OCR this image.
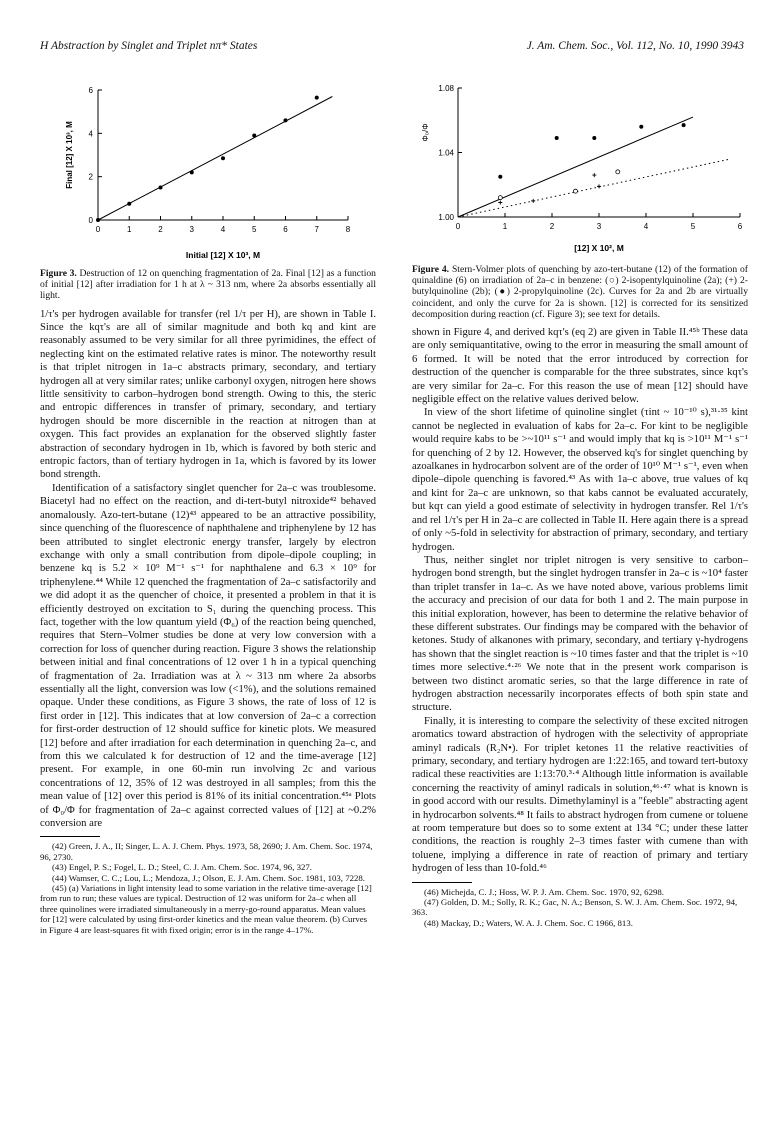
H Abstraction by Singlet and Triplet nπ* States	J. Am. Chem. Soc., Vol. 112, No. 10, 1990 3943
0	1	2	3	4	5	6	7	8
0
2
4
6
Initial [12] X 10³, M
Final [12] X 10³, M
0	1	2	3	4	5	6
1.00
1.04
1.08
[12] X 10², M
Φ₀/Φ

Figure 3. Destruction of 12 on quenching fragmentation of 2a. Final [12] as a function of initial [12] after irradiation for 1 h at λ ~ 313 nm, where 2a absorbs essentially all light.

1/τ's per hydrogen available for transfer (rel 1/τ per H), are shown in Table I. Since the kqτ's are all of similar magnitude and both kq and kint are reasonably assumed to be very similar for all three pyrimidines, the effect of neglecting kint on the estimated relative rates is minor. The noteworthy result is that triplet nitrogen in 1a–c abstracts primary, secondary, and tertiary hydrogen all at very similar rates; unlike carbonyl oxygen, nitrogen here shows little sensitivity to carbon–hydrogen bond strength. Owing to this, the steric and entropic differences in transfer of primary, secondary, and tertiary hydrogen should be more discernible in the reaction at nitrogen than at oxygen. This fact provides an explanation for the observed slightly faster abstraction of secondary hydrogen in 1b, which is favored by both steric and entropic factors, than of tertiary hydrogen in 1a, which is favored by its lower bond strength.

Identification of a satisfactory singlet quencher for 2a–c was troublesome. Biacetyl had no effect on the reaction, and di-tert-butyl nitroxide⁴² behaved anomalously. Azo-tert-butane (12)⁴³ appeared to be an attractive possibility, since quenching of the fluorescence of naphthalene and triphenylene by 12 has been attributed to singlet electronic energy transfer, largely by electron exchange with only a small contribution from dipole–dipole coupling; in benzene kq is 5.2 × 10⁹ M⁻¹ s⁻¹ for naphthalene and 6.3 × 10⁹ for triphenylene.⁴⁴ While 12 quenched the fragmentation of 2a–c satisfactorily and we did adopt it as the quencher of choice, it presented a problem in that it is efficiently destroyed on excitation to S₁ during the quenching process. This fact, together with the low quantum yield (Φ₆) of the reaction being quenched, requires that Stern–Volmer studies be done at very low conversion with a correction for loss of quencher during reaction. Figure 3 shows the relationship between initial and final concentrations of 12 over 1 h in a typical quenching of fragmentation of 2a. Irradiation was at λ ~ 313 nm where 2a absorbs essentially all the light, conversion was low (<1%), and the solutions remained opaque. Under these conditions, as Figure 3 shows, the rate of loss of 12 is first order in [12]. This indicates that at low conversion of 2a–c a correction for first-order destruction of 12 should suffice for kinetic plots. We measured [12] before and after irradiation for each determination in quenching 2a–c, and from this we calculated k for destruction of 12 and the time-average [12] present. For example, in one 60-min run involving 2c and various concentrations of 12, 35% of 12 was destroyed in all samples; from this the mean value of [12] over this period is 81% of its initial concentration.⁴⁵ᵃ Plots of Φ₀/Φ for fragmentation of 2a–c against corrected values of [12] at ~0.2% conversion are

(42) Green, J. A., II; Singer, L. A. J. Chem. Phys. 1973, 58, 2690; J. Am. Chem. Soc. 1974, 96, 2730.

(43) Engel, P. S.; Fogel, L. D.; Steel, C. J. Am. Chem. Soc. 1974, 96, 327.

(44) Wamser, C. C.; Lou, L.; Mendoza, J.; Olson, E. J. Am. Chem. Soc. 1981, 103, 7228.

(45) (a) Variations in light intensity lead to some variation in the relative time-average [12] from run to run; these values are typical. Destruction of 12 was uniform for 2a–c when all three quinolines were irradiated simultaneously in a merry-go-round apparatus. Mean values for [12] were calculated by using first-order kinetics and the mean value theorem. (b) Curves in Figure 4 are least-squares fit with fixed origin; error is in the range 4–17%.

Figure 4. Stern-Volmer plots of quenching by azo-tert-butane (12) of the formation of quinaldine (6) on irradiation of 2a–c in benzene: (○) 2-isopentylquinoline (2a); (+) 2-butylquinoline (2b); (●) 2-propylquinoline (2c). Curves for 2a and 2b are virtually coincident, and only the curve for 2a is shown. [12] is corrected for its sensitized decomposition during reaction (cf. Figure 3); see text for details.

shown in Figure 4, and derived kqτ's (eq 2) are given in Table II.⁴⁵ᵇ These data are only semiquantitative, owing to the error in measuring the small amount of 6 formed. It will be noted that the error introduced by correction for destruction of the quencher is comparable for the three substrates, since kqτ's are very similar for 2a–c. For this reason the use of mean [12] should have negligible effect on the relative values derived below.

In view of the short lifetime of quinoline singlet (τint ~ 10⁻¹⁰ s),³¹·³⁵ kint cannot be neglected in evaluation of kabs for 2a–c. For kint to be negligible would require kabs to be >~10¹¹ s⁻¹ and would imply that kq is >10¹¹ M⁻¹ s⁻¹ for quenching of 2 by 12. However, the observed kq's for singlet quenching by azoalkanes in hydrocarbon solvent are of the order of 10¹⁰ M⁻¹ s⁻¹, even when dipole–dipole quenching is favored.⁴³ As with 1a–c above, true values of kq and kint for 2a–c are unknown, so that kabs cannot be evaluated accurately, but kqτ can yield a good estimate of selectivity in hydrogen transfer. Rel 1/τ's and rel 1/τ's per H in 2a–c are collected in Table II. Here again there is a spread of only ~5-fold in selectivity for abstraction of primary, secondary, and tertiary hydrogen.

Thus, neither singlet nor triplet nitrogen is very sensitive to carbon–hydrogen bond strength, but the singlet hydrogen transfer in 2a–c is ~10⁴ faster than triplet transfer in 1a–c. As we have noted above, various problems limit the accuracy and precision of our data for both 1 and 2. The main purpose in this initial exploration, however, has been to determine the relative behavior of these different substrates. Our findings may be compared with the behavior of ketones. Study of alkanones with primary, secondary, and tertiary γ-hydrogens has shown that the singlet reaction is ~10 times faster and that the triplet is ~10 times more selective.⁴·²⁶ We note that in the present work comparison is between two distinct aromatic series, so that the large difference in rate of hydrogen abstraction necessarily incorporates effects of both spin state and structure.

Finally, it is interesting to compare the selectivity of these excited nitrogen aromatics toward abstraction of hydrogen with the selectivity of appropriate aminyl radicals (R₂N•). For triplet ketones 11 the relative reactivities of primary, secondary, and tertiary hydrogen are 1:22:165, and toward tert-butoxy radical these reactivities are 1:13:70.³·⁴ Although little information is available concerning the reactivity of aminyl radicals in solution,⁴⁶·⁴⁷ what is known is in good accord with our results. Dimethylaminyl is a "feeble" abstracting agent in hydrocarbon solvents.⁴⁸ It fails to abstract hydrogen from cumene or toluene at room temperature but does so to some extent at 134 °C; under these latter conditions, the reaction is roughly 2–3 times faster with cumene than with toluene, implying a difference in rate of reaction of primary and tertiary hydrogen of less than 10-fold.⁴⁶

(46) Michejda, C. J.; Hoss, W. P. J. Am. Chem. Soc. 1970, 92, 6298.

(47) Golden, D. M.; Solly, R. K.; Gac, N. A.; Benson, S. W. J. Am. Chem. Soc. 1972, 94, 363.

(48) Mackay, D.; Waters, W. A. J. Chem. Soc. C 1966, 813.
